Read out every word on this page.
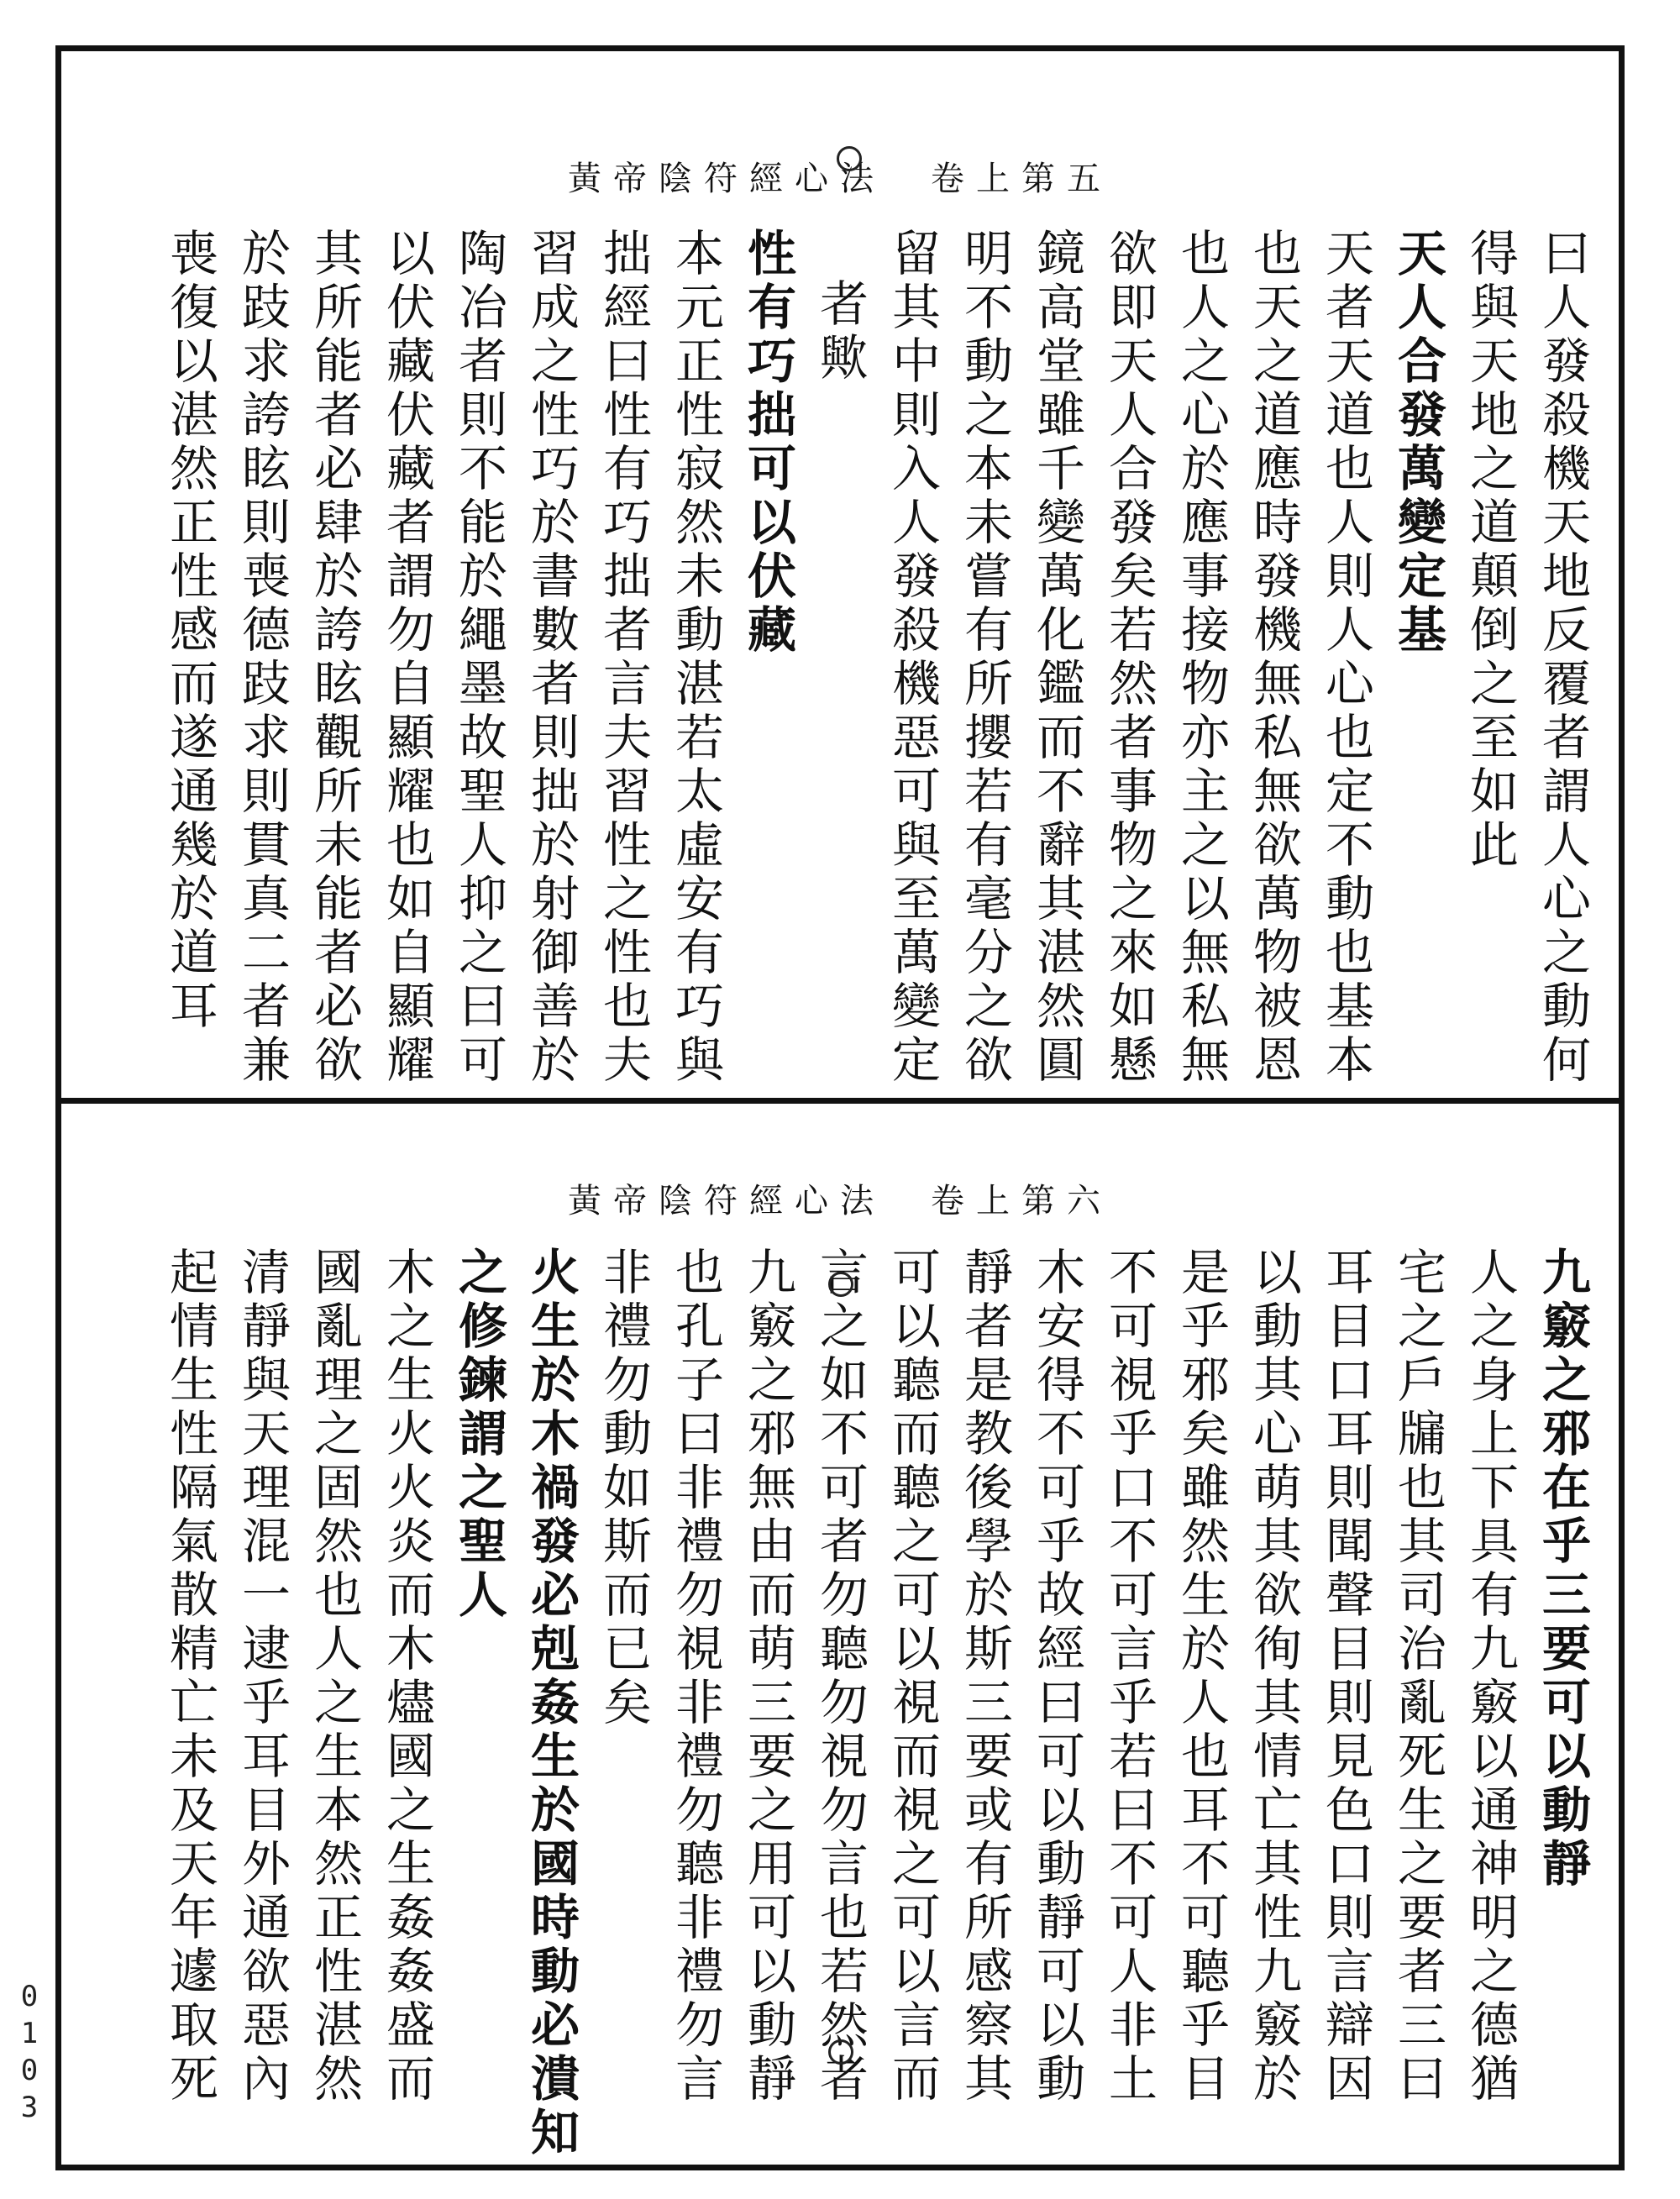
黃帝陰符經心法　卷上第五
曰人發殺機天地反覆者謂人心之動何
得與天地之道顛倒之至如此
天人合發萬變定基
天者天道也人則人心也定不動也基本
也天之道應時發機無私無欲萬物被恩
也人之心於應事接物亦主之以無私無
欲即天人合發矣若然者事物之來如懸
鏡高堂雖千變萬化鑑而不辭其湛然圓
明不動之本未嘗有所攖若有毫分之欲
留其中則入人發殺機惡可與至萬變定
者歟
性有巧拙可以伏藏
本元正性寂然未動湛若太虛安有巧與
拙經曰性有巧拙者言夫習性之性也夫
習成之性巧於書數者則拙於射御善於
陶冶者則不能於繩墨故聖人抑之曰可
以伏藏伏藏者謂勿自顯耀也如自顯耀
其所能者必肆於誇眩觀所未能者必欲
於跂求誇眩則喪德跂求則貫真二者兼
喪復以湛然正性感而遂通幾於道耳
黃帝陰符經心法　卷上第六
九竅之邪在乎三要可以動靜
人之身上下具有九竅以通神明之德猶
宅之戶牖也其司治亂死生之要者三曰
耳目口耳則聞聲目則見色口則言辯因
以動其心萌其欲徇其情亡其性九竅於
是乎邪矣雖然生於人也耳不可聽乎目
不可視乎口不可言乎若曰不可人非土
木安得不可乎故經曰可以動靜可以動
靜者是教後學於斯三要或有所感察其
可以聽而聽之可以視而視之可以言而
言之如不可者勿聽勿視勿言也若然者
九竅之邪無由而萌三要之用可以動靜
也孔子曰非禮勿視非禮勿聽非禮勿言
非禮勿動如斯而已矣
火生於木禍發必剋姦生於國時動必潰知
之修鍊謂之聖人
木之生火火炎而木燼國之生姦姦盛而
國亂理之固然也人之生本然正性湛然
清靜與天理混一逮乎耳目外通欲惡內
起情生性隔氣散精亡未及天年遽取死
0
1
0
3
